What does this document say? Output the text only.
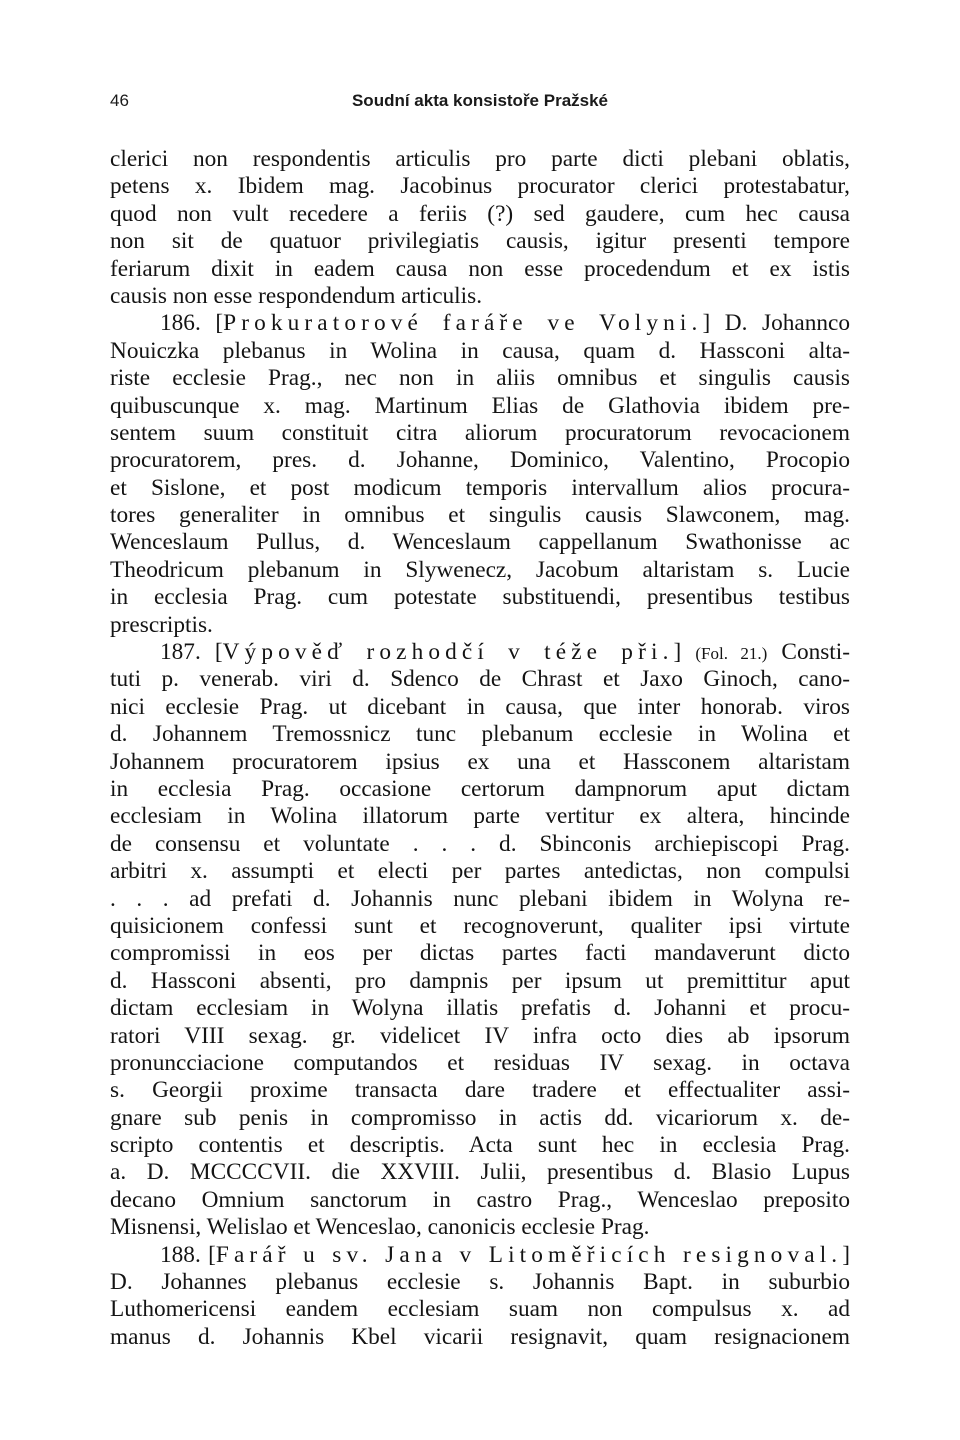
46	Soudní akta konsistoře Pražské
clerici non respondentis articulis pro parte dicti plebani oblatis,
petens x. Ibidem mag. Jacobinus procurator clerici protestabatur,
quod non vult recedere a feriis (?) sed gaudere, cum hec causa
non sit de quatuor privilegiatis causis, igitur presenti tempore
feriarum dixit in eadem causa non esse procedendum et ex istis
causis non esse respondendum articulis.
186. [Prokuratorové faráře ve Volyni.] D. Johannco
Nouiczka plebanus in Wolina in causa, quam d. Hassconi alta-
riste ecclesie Prag., nec non in aliis omnibus et singulis causis
quibuscunque x. mag. Martinum Elias de Glathovia ibidem pre-
sentem suum constituit citra aliorum procuratorum revocacionem
procuratorem, pres. d. Johanne, Dominico, Valentino, Procopio
et Sislone, et post modicum temporis intervallum alios procura-
tores generaliter in omnibus et singulis causis Slawconem, mag.
Wenceslaum Pullus, d. Wenceslaum cappellanum Swathonisse ac
Theodricum plebanum in Slywenecz, Jacobum altaristam s. Lucie
in ecclesia Prag. cum potestate substituendi, presentibus testibus
prescriptis.
187. [Výpověď rozhodčí v téže při.] (Fol. 21.) Consti-
tuti p. venerab. viri d. Sdenco de Chrast et Jaxo Ginoch, cano-
nici ecclesie Prag. ut dicebant in causa, que inter honorab. viros
d. Johannem Tremossnicz tunc plebanum ecclesie in Wolina et
Johannem procuratorem ipsius ex una et Hassconem altaristam
in ecclesia Prag. occasione certorum dampnorum aput dictam
ecclesiam in Wolina illatorum parte vertitur ex altera, hincinde
de consensu et voluntate . . . d. Sbinconis archiepiscopi Prag.
arbitri x. assumpti et electi per partes antedictas, non compulsi
. . . ad prefati d. Johannis nunc plebani ibidem in Wolyna re-
quisicionem confessi sunt et recognoverunt, qualiter ipsi virtute
compromissi in eos per dictas partes facti mandaverunt dicto
d. Hassconi absenti, pro dampnis per ipsum ut premittitur aput
dictam ecclesiam in Wolyna illatis prefatis d. Johanni et procu-
ratori VIII sexag. gr. videlicet IV infra octo dies ab ipsorum
pronuncciacione computandos et residuas IV sexag. in octava
s. Georgii proxime transacta dare tradere et effectualiter assi-
gnare sub penis in compromisso in actis dd. vicariorum x. de-
scripto contentis et descriptis. Acta sunt hec in ecclesia Prag.
a. D. MCCCCVII. die XXVIII. Julii, presentibus d. Blasio Lupus
decano Omnium sanctorum in castro Prag., Wenceslao preposito
Misnensi, Welislao et Wenceslao, canonicis ecclesie Prag.
188. [Farář u sv. Jana v Litoměřicích resignoval.]
D. Johannes plebanus ecclesie s. Johannis Bapt. in suburbio
Luthomericensi eandem ecclesiam suam non compulsus x. ad
manus d. Johannis Kbel vicarii resignavit, quam resignacionem
